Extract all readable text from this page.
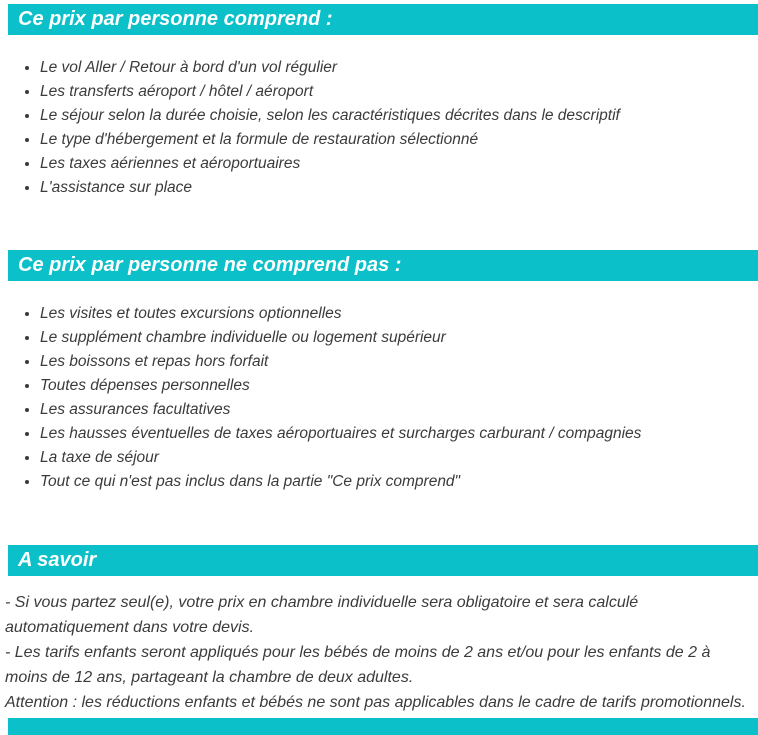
Ce prix par personne comprend :
• Le vol Aller / Retour à bord d'un vol régulier
• Les transferts aéroport / hôtel / aéroport
• Le séjour selon la durée choisie, selon les caractéristiques décrites dans le descriptif
• Le type d'hébergement et la formule de restauration sélectionné
• Les taxes aériennes et aéroportuaires
• L'assistance sur place
Ce prix par personne ne comprend pas :
• Les visites et toutes excursions optionnelles
• Le supplément chambre individuelle ou logement supérieur
• Les boissons et repas hors forfait
• Toutes dépenses personnelles
• Les assurances facultatives
• Les hausses éventuelles de taxes aéroportuaires et surcharges carburant / compagnies
• La taxe de séjour
• Tout ce qui n'est pas inclus dans la partie "Ce prix comprend"
A savoir

- Si vous partez seul(e), votre prix en chambre individuelle sera obligatoire et sera calculé automatiquement dans votre devis.

- Les tarifs enfants seront appliqués pour les bébés de moins de 2 ans et/ou pour les enfants de 2 à moins de 12 ans, partageant la chambre de deux adultes.

Attention : les réductions enfants et bébés ne sont pas applicables dans le cadre de tarifs promotionnels.
